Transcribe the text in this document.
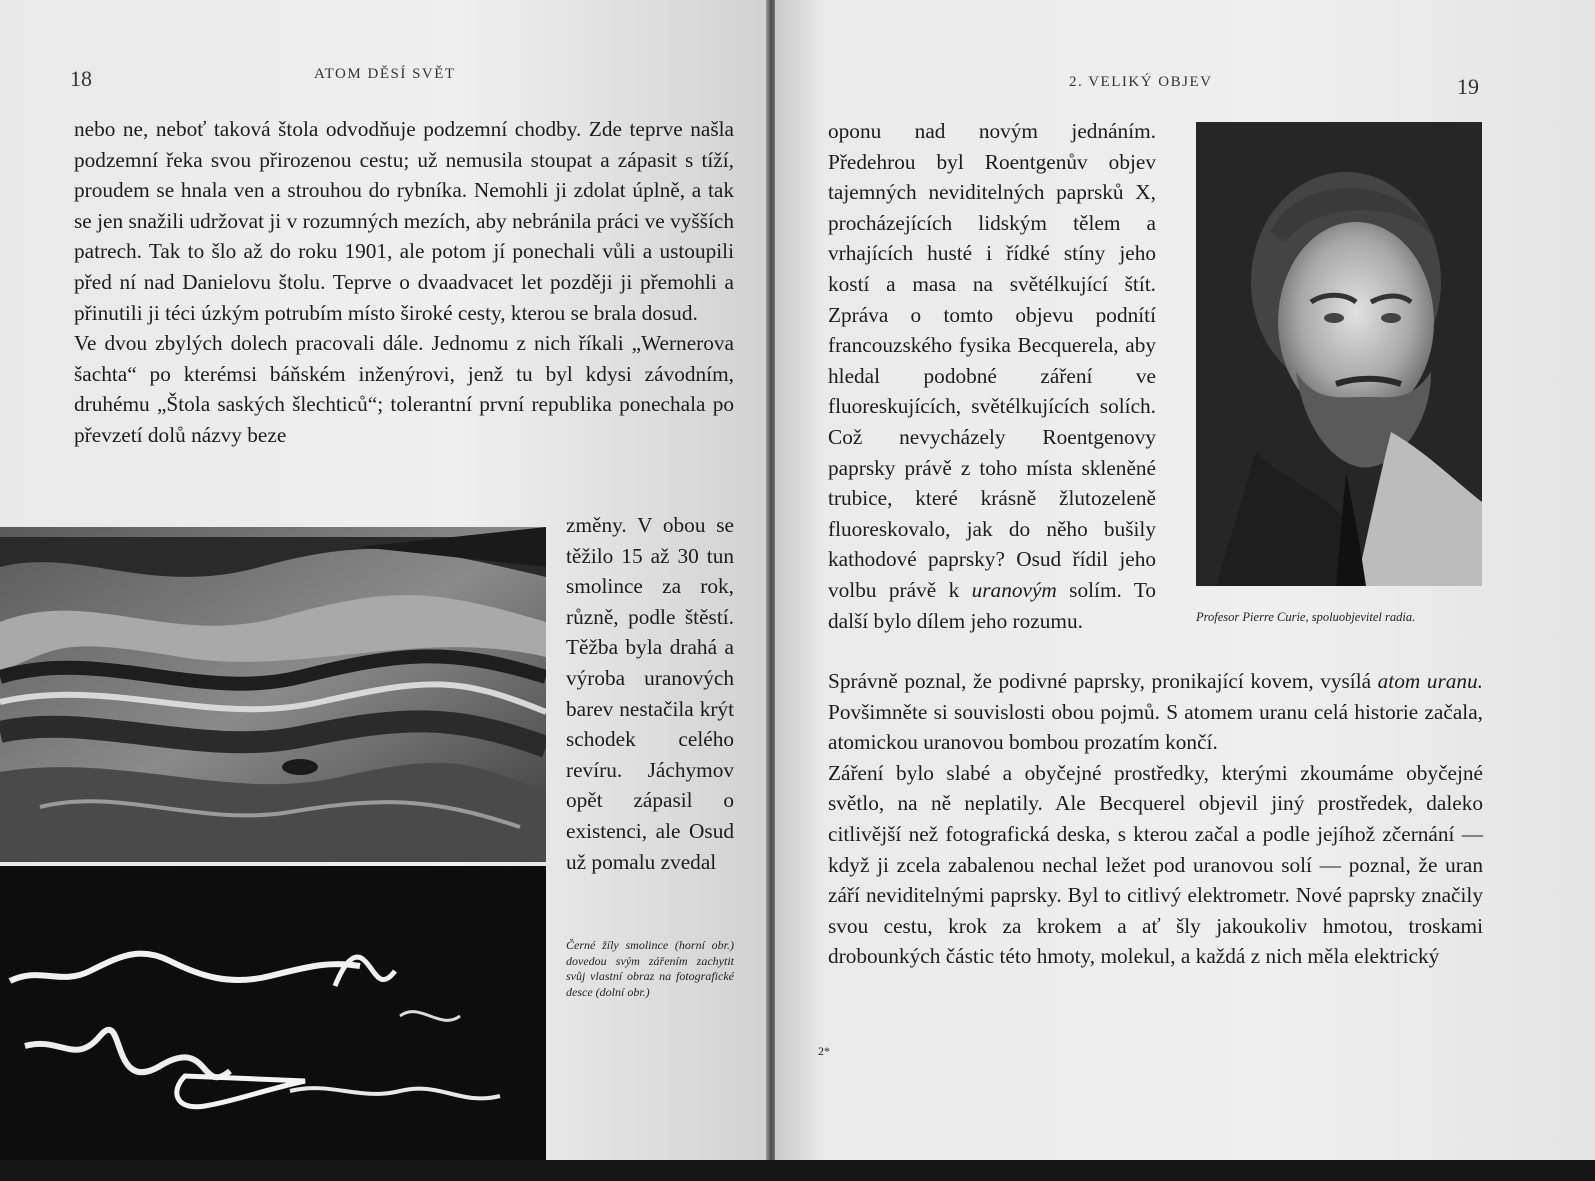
18	ATOM DĚSÍ SVĚT

nebo ne, neboť taková štola odvodňuje podzemní chodby. Zde teprve našla podzemní řeka svou přirozenou cestu; už nemusila stoupat a zápasit s tíží, proudem se hnala ven a strouhou do rybníka. Nemohli ji zdolat úplně, a tak se jen snažili udržovat ji v rozumných mezích, aby nebránila práci ve vyšších patrech. Tak to šlo až do roku 1901, ale potom jí ponechali vůli a ustoupili před ní nad Danielovu štolu. Teprve o dvaadvacet let později ji přemohli a přinutili ji téci úzkým potrubím místo široké cesty, kterou se brala dosud.

Ve dvou zbylých dolech pracovali dále. Jednomu z nich říkali „Wernerova šachta“ po kterémsi báňském inženýrovi, jenž tu byl kdysi závodním, druhému „Štola saských šlechticů“; tolerantní první republika ponechala po převzetí dolů názvy beze

změny. V obou se těžilo 15 až 30 tun smolince za rok, různě, podle štěstí. Těžba byla drahá a výroba uranových barev nestačila krýt schodek celého revíru. Jáchymov opět zápasil o existenci, ale Osud už pomalu zvedal

Černé žíly smolince (horní obr.) dovedou svým zářením zachytit svůj vlastní obraz na fotografické desce (dolní obr.)
2. VELIKÝ OBJEV	19

oponu nad novým jednáním. Předehrou byl Roentgenův objev tajemných neviditelných paprsků X, procházejících lidským tělem a vrhajících husté i řídké stíny jeho kostí a masa na světélkující štít. Zpráva o tomto objevu podnítí francouzského fysika Becquerela, aby hledal podobné záření ve fluoreskujících, světélkujících solích. Což nevycházely Roentgenovy paprsky právě z toho místa skleněné trubice, které krásně žlutozeleně fluoreskovalo, jak do něho bušily kathodové paprsky? Osud řídil jeho volbu právě k uranovým solím. To další bylo dílem jeho rozumu.	Profesor Pierre Curie, spoluobjevitel radia.

Správně poznal, že podivné paprsky, pronikající kovem, vysílá atom uranu. Povšimněte si souvislosti obou pojmů. S atomem uranu celá historie začala, atomickou uranovou bombou prozatím končí.

Záření bylo slabé a obyčejné prostředky, kterými zkoumáme obyčejné světlo, na ně neplatily. Ale Becquerel objevil jiný prostředek, daleko citlivější než fotografická deska, s kterou začal a podle jejíhož zčernání — když ji zcela zabalenou nechal ležet pod uranovou solí — poznal, že uran září neviditelnými paprsky. Byl to citlivý elektrometr. Nové paprsky značily svou cestu, krok za krokem a ať šly jakoukoliv hmotou, troskami drobounkých částic této hmoty, molekul, a každá z nich měla elektrický

2*
